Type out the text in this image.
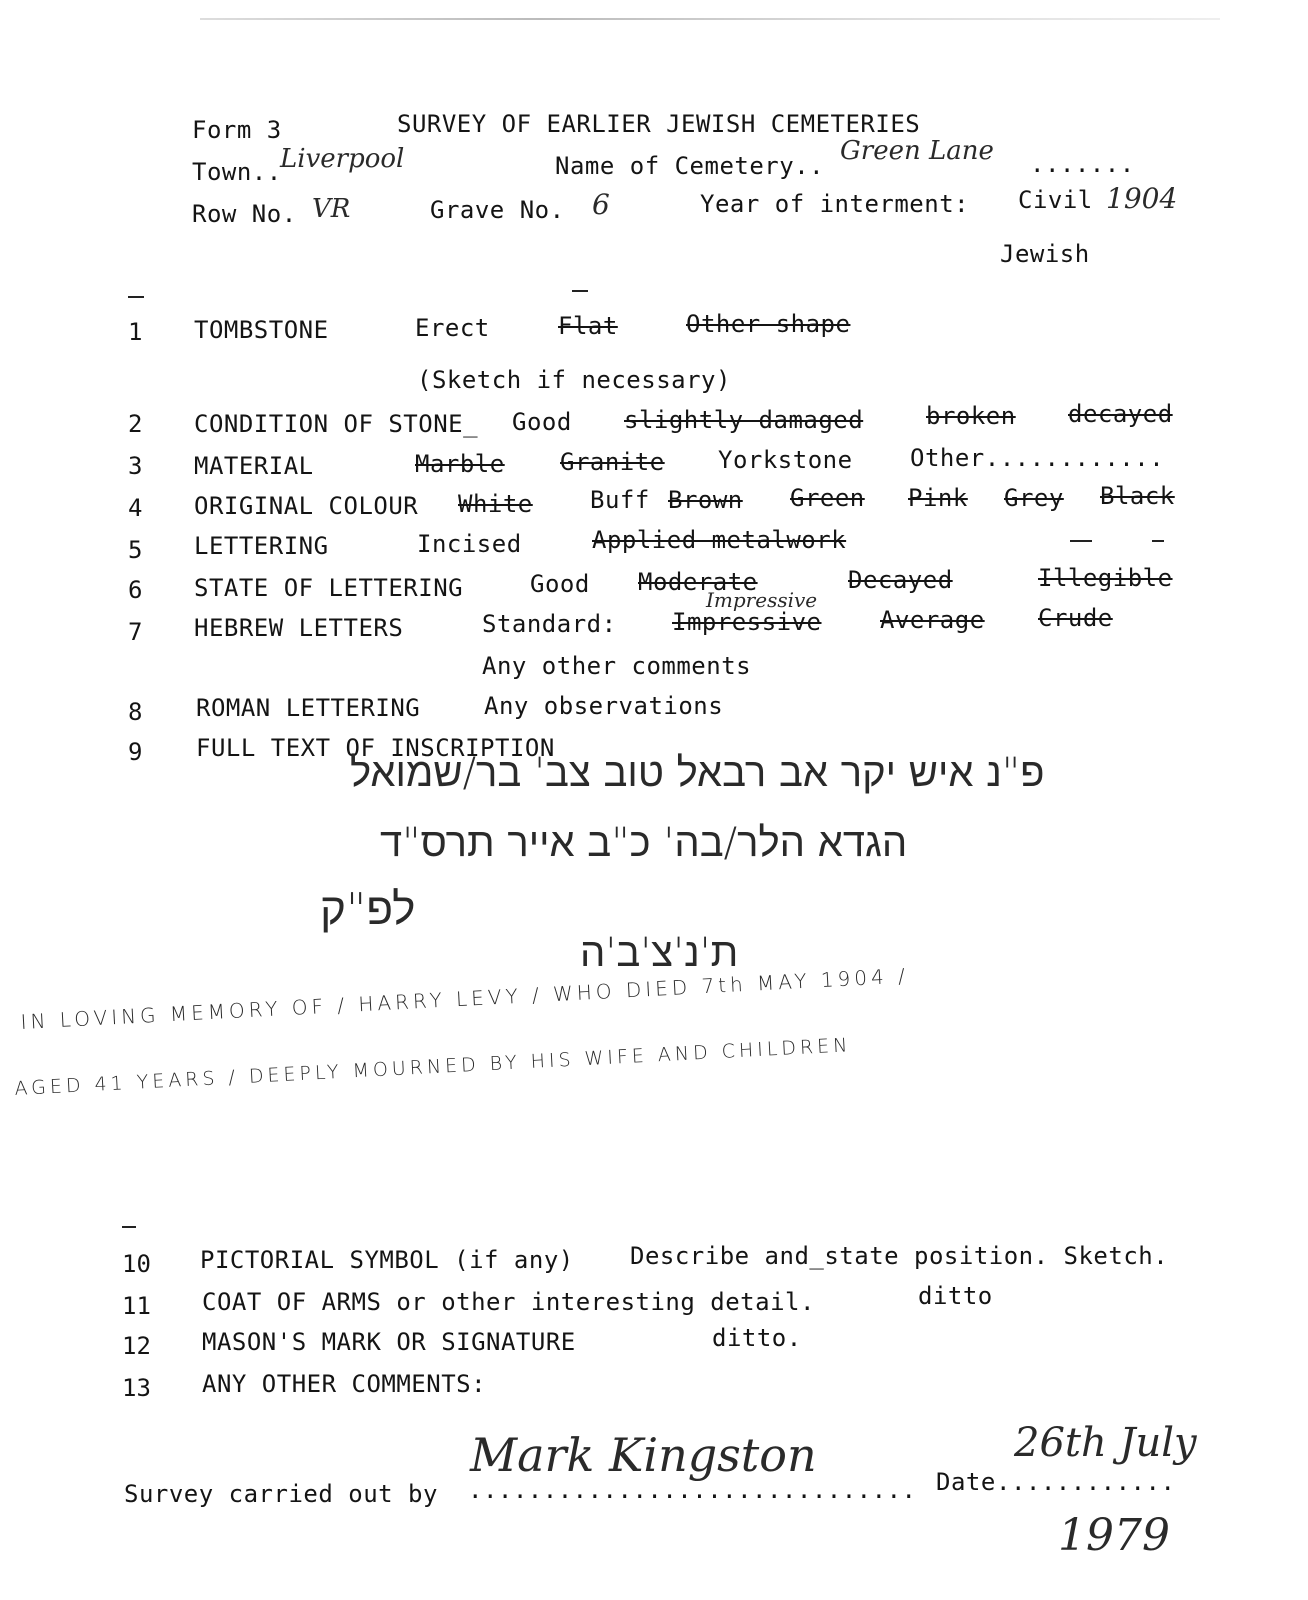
Form 3	SURVEY OF EARLIER JEWISH CEMETERIES
Town..
Liverpool	Name of Cemetery.. Green Lane .......
Row No. VR	Grave No. 6	Year of interment: Civil 1904
Jewish
1 TOMBSTONE	Erect	Flat	Other shape
(Sketch if necessary)
2 CONDITION OF STONE_ Good slightly damaged	broken decayed
3 MATERIAL	Marble Granite Yorkstone Other............
4 ORIGINAL COLOUR White Buff Brown Green Pink Grey Black
5 LETTERING	Incised	Applied metalwork
6 STATE OF LETTERING	Good Moderate	Decayed	Illegible
7 HEBREW LETTERS	Standard:
Impressive
Impressive Average Crude
Any other comments
8 ROMAN LETTERING	Any observations
9 FULL TEXT OF INSCRIPTION
פ"נ איש יקר אב רבאל טוב צב' בר/שמואל
הגדא הלר/בה' כ"ב אייר תרס"ד
לפ"ק
ת'נ'צ'ב'ה
IN LOVING MEMORY OF / HARRY LEVY / WHO DIED 7th MAY 1904 /
AGED 41 YEARS / DEEPLY MOURNED BY HIS WIFE AND CHILDREN
10 PICTORIAL SYMBOL (if any) Describe and_state position. Sketch.
11 COAT OF ARMS or other interesting detail.	ditto
12 MASON'S MARK OR SIGNATURE	ditto.
13 ANY OTHER COMMENTS:
Survey carried out by ..............................
Mark Kingston	Date ............
26th July
1979
